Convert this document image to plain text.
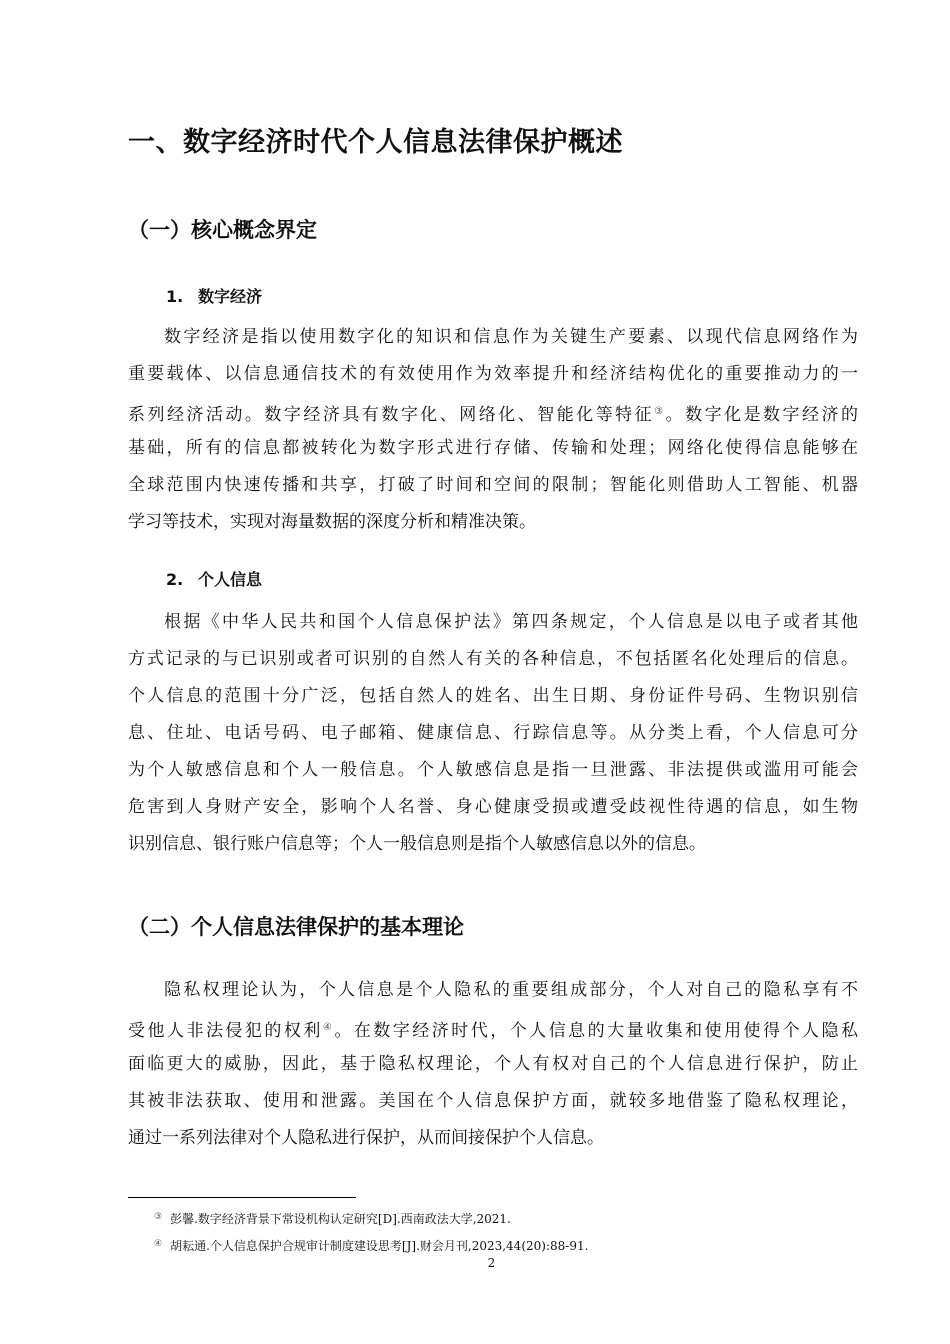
一、数字经济时代个人信息法律保护概述
（一）核心概念界定
1. 数字经济
数字经济是指以使用数字化的知识和信息作为关键生产要素、以现代信息网络作为
重要载体、以信息通信技术的有效使用作为效率提升和经济结构优化的重要推动力的一
系列经济活动。数字经济具有数字化、网络化、智能化等特征③。数字化是数字经济的
基础，所有的信息都被转化为数字形式进行存储、传输和处理；网络化使得信息能够在
全球范围内快速传播和共享，打破了时间和空间的限制；智能化则借助人工智能、机器
学习等技术，实现对海量数据的深度分析和精准决策。
2. 个人信息
根据《中华人民共和国个人信息保护法》第四条规定，个人信息是以电子或者其他
方式记录的与已识别或者可识别的自然人有关的各种信息，不包括匿名化处理后的信息。
个人信息的范围十分广泛，包括自然人的姓名、出生日期、身份证件号码、生物识别信
息、住址、电话号码、电子邮箱、健康信息、行踪信息等。从分类上看，个人信息可分
为个人敏感信息和个人一般信息。个人敏感信息是指一旦泄露、非法提供或滥用可能会
危害到人身财产安全，影响个人名誉、身心健康受损或遭受歧视性待遇的信息，如生物
识别信息、银行账户信息等；个人一般信息则是指个人敏感信息以外的信息。
（二）个人信息法律保护的基本理论
隐私权理论认为，个人信息是个人隐私的重要组成部分，个人对自己的隐私享有不
受他人非法侵犯的权利④。在数字经济时代，个人信息的大量收集和使用使得个人隐私
面临更大的威胁，因此，基于隐私权理论，个人有权对自己的个人信息进行保护，防止
其被非法获取、使用和泄露。美国在个人信息保护方面，就较多地借鉴了隐私权理论，
通过一系列法律对个人隐私进行保护，从而间接保护个人信息。
③ 彭馨.数字经济背景下常设机构认定研究[D].西南政法大学,2021.
④ 胡耘通.个人信息保护合规审计制度建设思考[J].财会月刊,2023,44(20):88-91.
2
